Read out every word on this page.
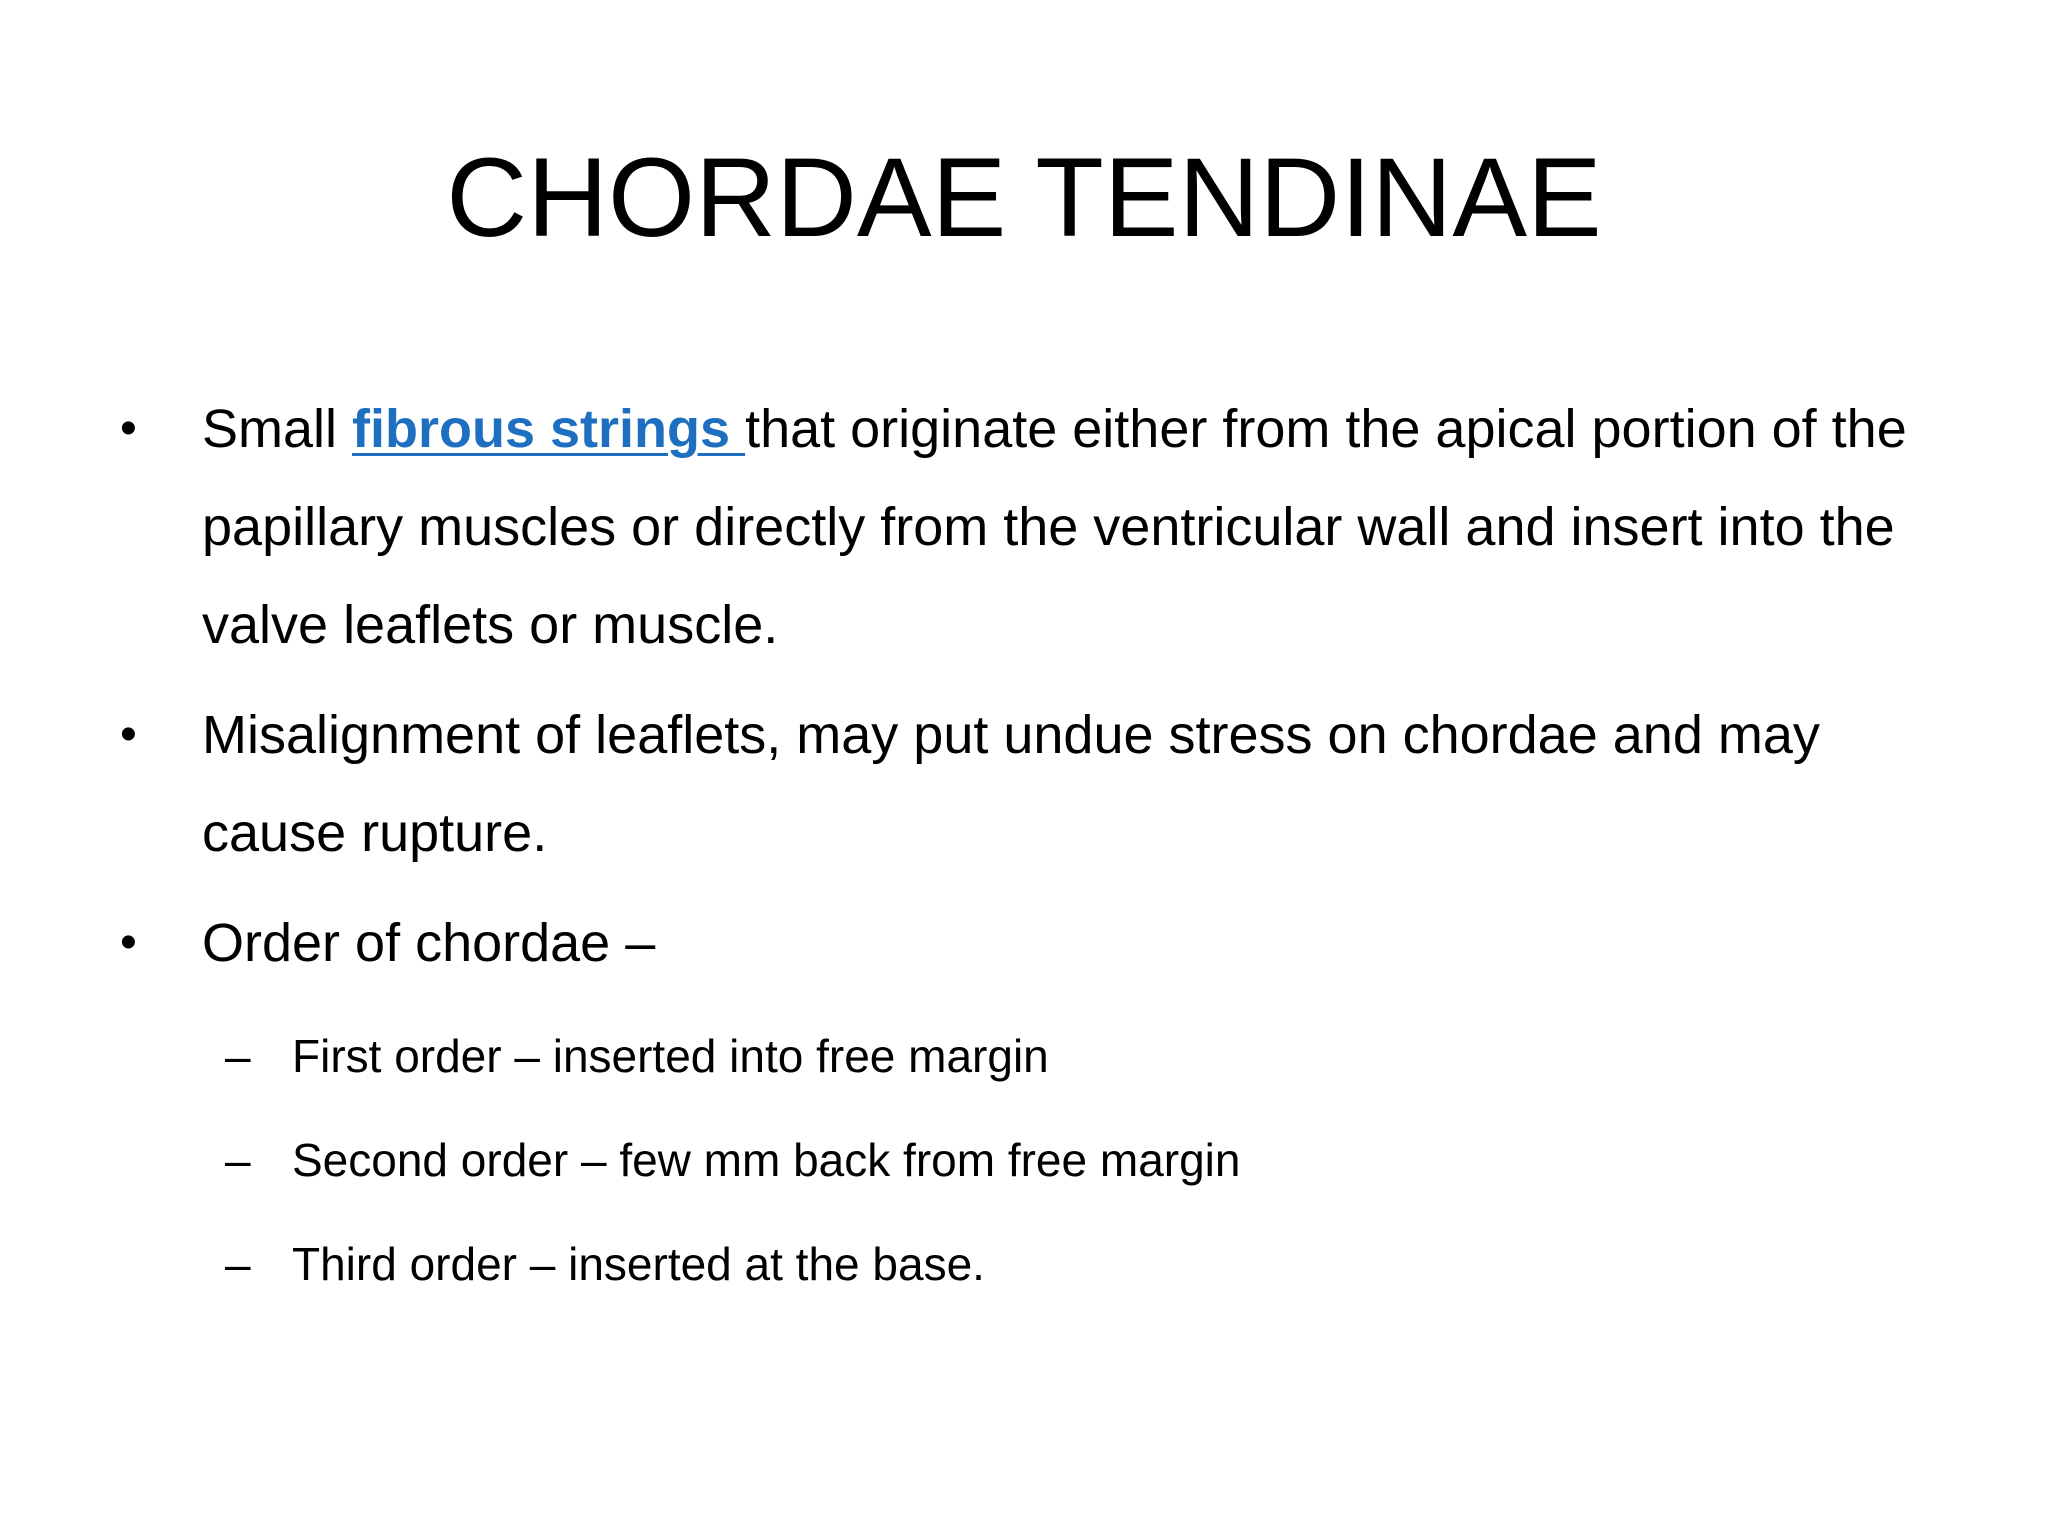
CHORDAE TENDINAE
•	Small fibrous strings that originate either from the apical portion of the papillary muscles or directly from the ventricular wall and insert into the valve leaflets or muscle.
•	Misalignment of leaflets, may put undue stress on chordae and may cause rupture.
•	Order of chordae –
– First order – inserted into free margin
– Second order – few mm back from free margin
– Third order – inserted at the base.
